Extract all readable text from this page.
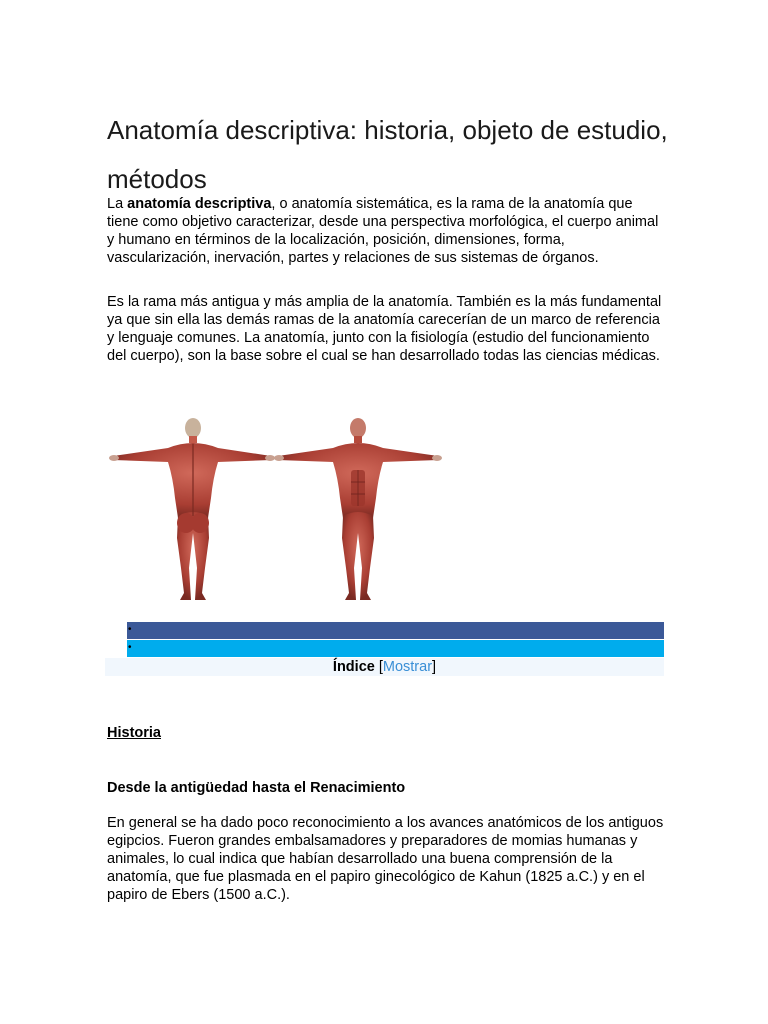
Anatomía descriptiva: historia, objeto de estudio, métodos

La anatomía descriptiva, o anatomía sistemática, es la rama de la anatomía que tiene como objetivo caracterizar, desde una perspectiva morfológica, el cuerpo animal y humano en términos de la localización, posición, dimensiones, forma, vascularización, inervación, partes y relaciones de sus sistemas de órganos.

Es la rama más antigua y más amplia de la anatomía. También es la más fundamental ya que sin ella las demás ramas de la anatomía carecerían de un marco de referencia y lenguaje comunes. La anatomía, junto con la fisiología (estudio del funcionamiento del cuerpo), son la base sobre el cual se han desarrollado todas las ciencias médicas.

•
•
Índice [Mostrar]
Historia
Desde la antigüedad hasta el Renacimiento

En general se ha dado poco reconocimiento a los avances anatómicos de los antiguos egipcios. Fueron grandes embalsamadores y preparadores de momias humanas y animales, lo cual indica que habían desarrollado una buena comprensión de la anatomía, que fue plasmada en el papiro ginecológico de Kahun (1825 a.C.) y en el papiro de Ebers (1500 a.C.).
